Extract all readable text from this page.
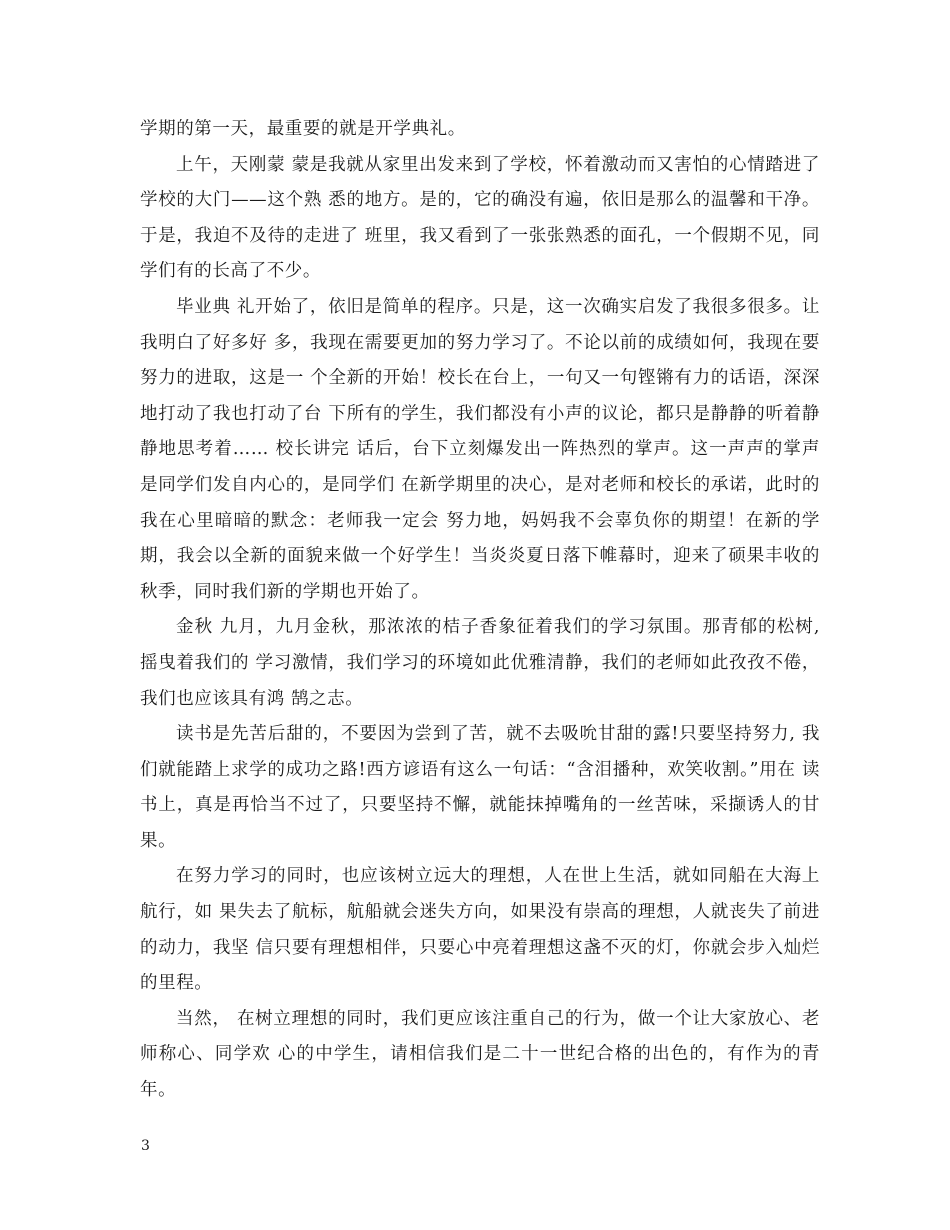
学期的第一天，最重要的就是开学典礼。

上午，天刚蒙 蒙是我就从家里出发来到了学校，怀着激动而又害怕的心情踏进了学校的大门——这个熟 悉的地方。是的，它的确没有遍，依旧是那么的温馨和干净。于是，我迫不及待的走进了 班里，我又看到了一张张熟悉的面孔，一个假期不见，同学们有的长高了不少。

毕业典 礼开始了，依旧是简单的程序。只是，这一次确实启发了我很多很多。让我明白了好多好 多，我现在需要更加的努力学习了。不论以前的成绩如何，我现在要努力的进取，这是一 个全新的开始！校长在台上，一句又一句铿锵有力的话语，深深地打动了我也打动了台 下所有的学生，我们都没有小声的议论，都只是静静的听着静静地思考着…… 校长讲完 话后，台下立刻爆发出一阵热烈的掌声。这一声声的掌声是同学们发自内心的，是同学们 在新学期里的决心，是对老师和校长的承诺，此时的我在心里暗暗的默念：老师我一定会 努力地，妈妈我不会辜负你的期望！在新的学期，我会以全新的面貌来做一个好学生！当炎炎夏日落下帷幕时，迎来了硕果丰收的秋季，同时我们新的学期也开始了。

金秋 九月，九月金秋，那浓浓的桔子香象征着我们的学习氛围。那青郁的松树,摇曳着我们的 学习激情，我们学习的环境如此优雅清静，我们的老师如此孜孜不倦，我们也应该具有鸿 鹄之志。

读书是先苦后甜的，不要因为尝到了苦，就不去吸吮甘甜的露!只要坚持努力, 我们就能踏上求学的成功之路!西方谚语有这么一句话：“含泪播种，欢笑收割。”用在 读书上，真是再恰当不过了，只要坚持不懈，就能抹掉嘴角的一丝苦味，采撷诱人的甘果。

在努力学习的同时，也应该树立远大的理想，人在世上生活，就如同船在大海上航行，如 果失去了航标，航船就会迷失方向，如果没有崇高的理想，人就丧失了前进的动力，我坚 信只要有理想相伴，只要心中亮着理想这盏不灭的灯，你就会步入灿烂的里程。

当然， 在树立理想的同时，我们更应该注重自己的行为，做一个让大家放心、老师称心、同学欢 心的中学生，请相信我们是二十一世纪合格的出色的，有作为的青年。

3
